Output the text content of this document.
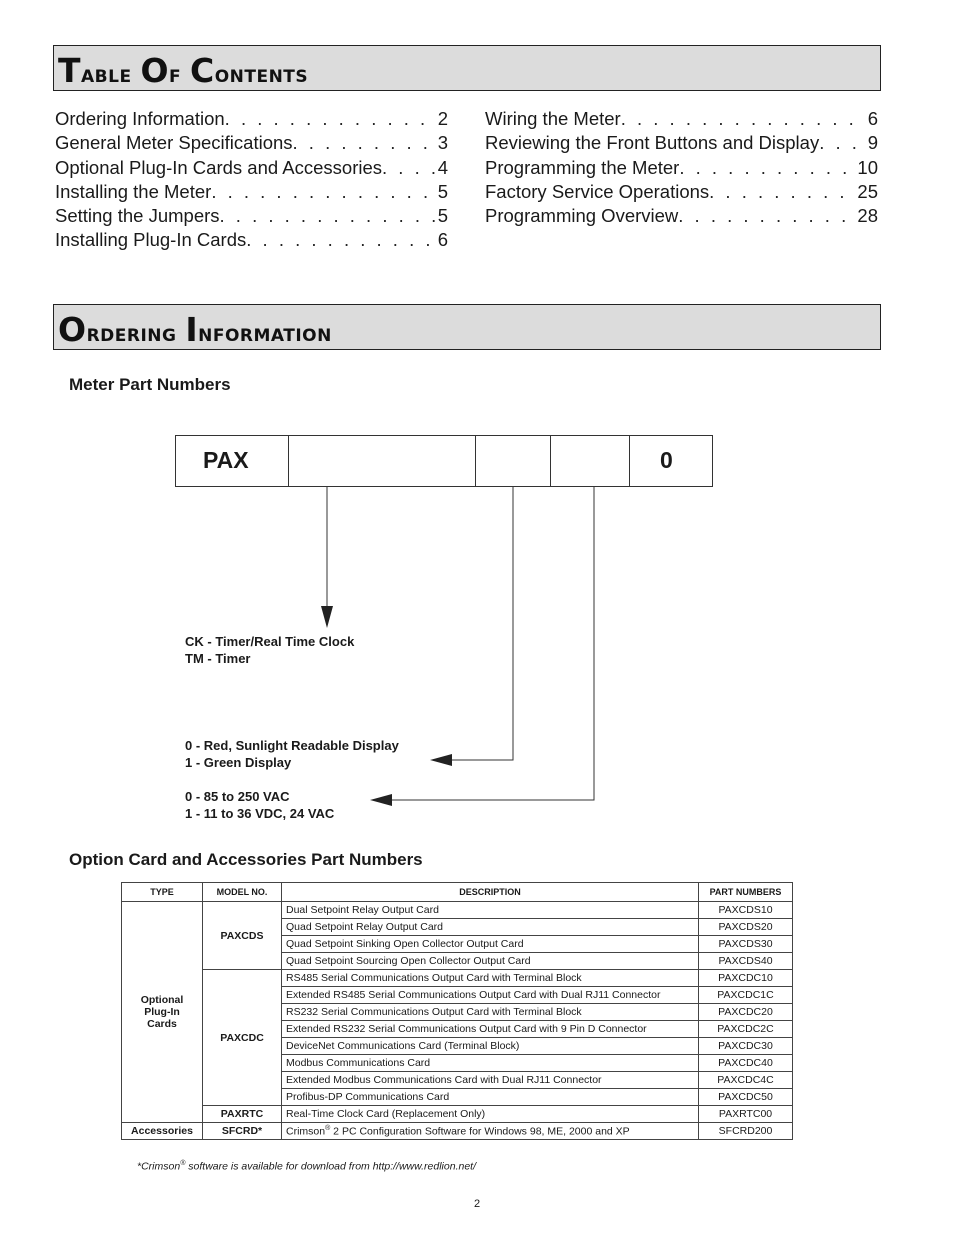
Table Of Contents
Ordering Information . . .	2
General Meter Specifications . . .	3
Optional Plug-In Cards and Accessories . . .	4
Installing the Meter . . .	5
Setting the Jumpers . . .	5
Installing Plug-In Cards . . .	6
Wiring the Meter . . .	6
Reviewing the Front Buttons and Display . . .	9
Programming the Meter . . .	10
Factory Service Operations . . .	25
Programming Overview . . .	28
Ordering Information
Meter Part Numbers
PAX	0
CK - Timer/Real Time Clock
TM - Timer
0 - Red, Sunlight Readable Display
1 - Green Display
0 - 85 to 250 VAC
1 - 11 to 36 VDC, 24 VAC
Option Card and Accessories Part Numbers
TYPE	MODEL NO.	DESCRIPTION	PART NUMBERS
Optional Plug-In Cards	PAXCDS	Dual Setpoint Relay Output Card	PAXCDS10
		Quad Setpoint Relay Output Card	PAXCDS20
		Quad Setpoint Sinking Open Collector Output Card	PAXCDS30
		Quad Setpoint Sourcing Open Collector Output Card	PAXCDS40
	PAXCDC	RS485 Serial Communications Output Card with Terminal Block	PAXCDC10
		Extended RS485 Serial Communications Output Card with Dual RJ11 Connector	PAXCDC1C
		RS232 Serial Communications Output Card with Terminal Block	PAXCDC20
		Extended RS232 Serial Communications Output Card with 9 Pin D Connector	PAXCDC2C
		DeviceNet Communications Card (Terminal Block)	PAXCDC30
		Modbus Communications Card	PAXCDC40
		Extended Modbus Communications Card with Dual RJ11 Connector	PAXCDC4C
		Profibus-DP Communications Card	PAXCDC50
	PAXRTC	Real-Time Clock Card (Replacement Only)	PAXRTC00
Accessories	SFCRD*	Crimson® 2 PC Configuration Software for Windows 98, ME, 2000 and XP	SFCRD200
*Crimson® software is available for download from http://www.redlion.net/
2
